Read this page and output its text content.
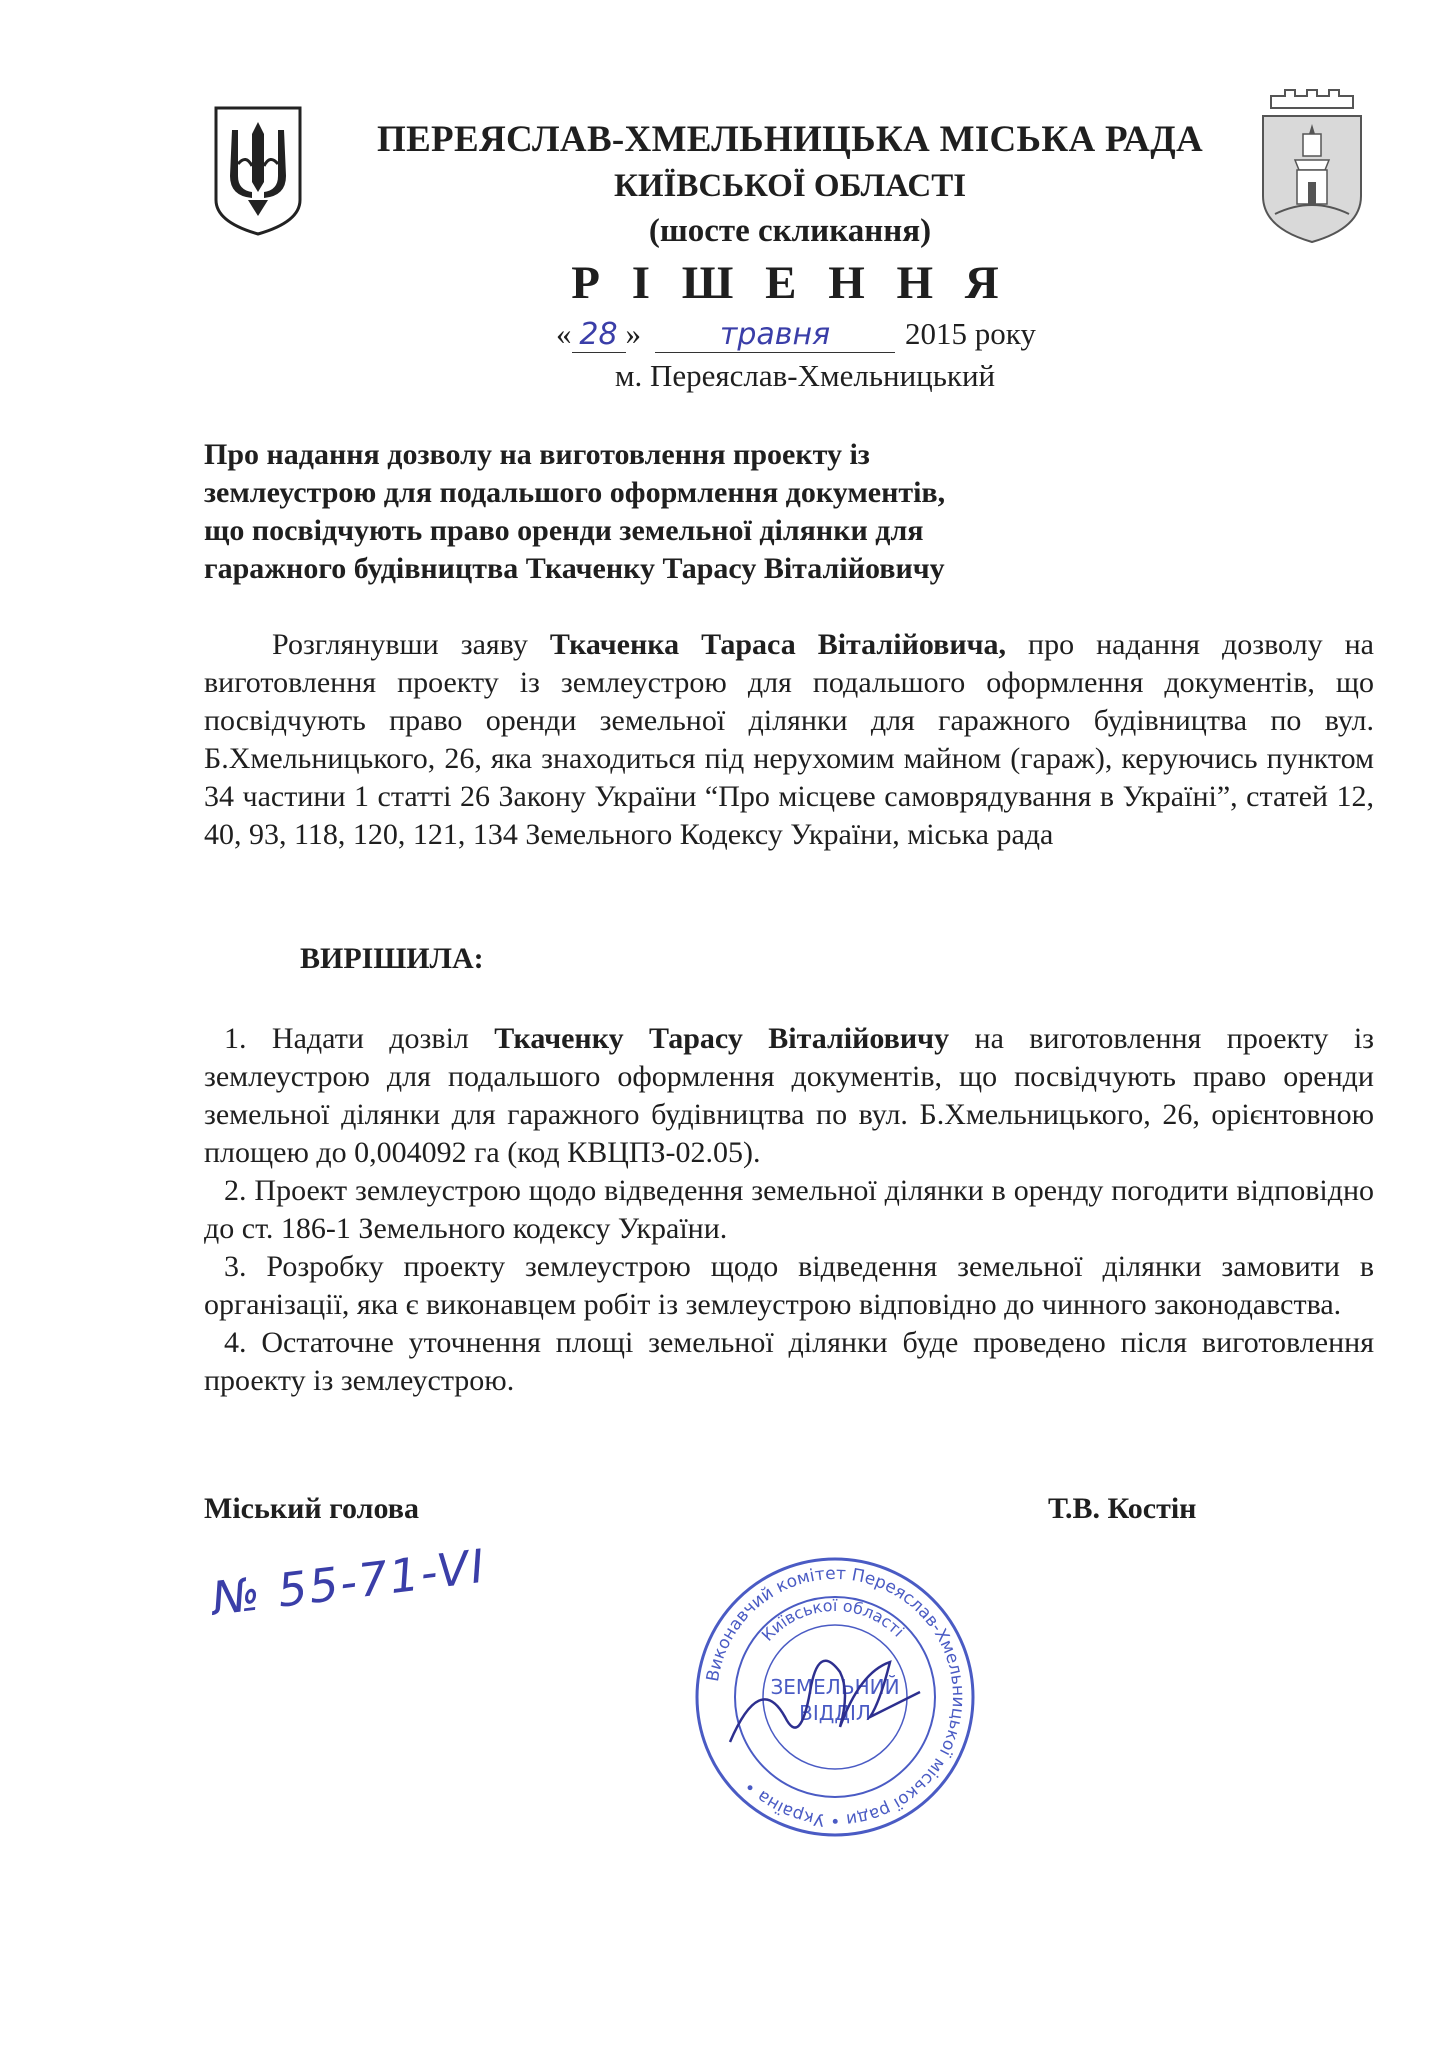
ПЕРЕЯСЛАВ-ХМЕЛЬНИЦЬКА МІСЬКА РАДА
КИЇВСЬКОЇ ОБЛАСТІ
(шосте скликання)
Р І Ш Е Н Н Я
« 28 »	травня 2015 року
м. Переяслав-Хмельницький
Про надання дозволу на виготовлення проекту із
землеустрою для подальшого оформлення документів,
що посвідчують право оренди земельної ділянки для
гаражного будівництва Ткаченку Тарасу Віталійовичу
Розглянувши заяву Ткаченка Тараса Віталійовича, про надання дозволу на виготовлення проекту із землеустрою для подальшого оформлення документів, що посвідчують право оренди земельної ділянки для гаражного будівництва по вул. Б.Хмельницького, 26, яка знаходиться під нерухомим майном (гараж), керуючись пунктом 34 частини 1 статті 26 Закону України “Про місцеве самоврядування в Україні”, статей 12, 40, 93, 118, 120, 121, 134 Земельного Кодексу України, міська рада
ВИРІШИЛА:
1. Надати дозвіл Ткаченку Тарасу Віталійовичу на виготовлення проекту із землеустрою для подальшого оформлення документів, що посвідчують право оренди земельної ділянки для гаражного будівництва по вул. Б.Хмельницького, 26, орієнтовною площею до 0,004092 га (код КВЦПЗ-02.05).
2. Проект землеустрою щодо відведення земельної ділянки в оренду погодити відповідно до ст. 186-1 Земельного кодексу України.
3. Розробку проекту землеустрою щодо відведення земельної ділянки замовити в організації, яка є виконавцем робіт із землеустрою відповідно до чинного законодавства.
4. Остаточне уточнення площі земельної ділянки буде проведено після виготовлення проекту із землеустрою.
Міський голова	Т.В. Костін
№ 55-71-VI
Виконавчий комітет Переяслав-Хмельницької міської ради • Україна •
Київської області
ЗЕМЕЛЬНИЙ
ВІДДІЛ
